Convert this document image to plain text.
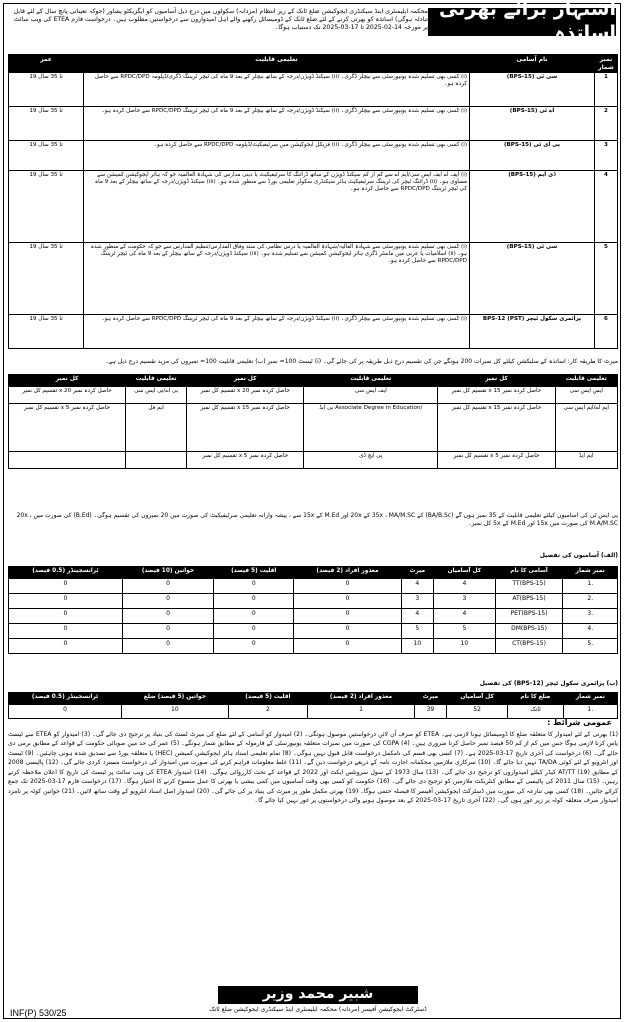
اشتہار برائے بھرتی اساتذہ
محکمہ ایلیمنٹری اینڈ سیکنڈری ایجوکیشن ضلع ٹانک کے زیر انتظام (مردانہ) سکولوں میں درج ذیل آسامیوں کو ایگزیکٹو پشاور (جوکہ تعیناتی پانچ سال کے لئے قابل تبادلہ ہوگی) اساتذہ کو بھرتی کرنے کے لئے ضلع ٹانک کے ڈومیسائل رکھنے والے اہل امیدواروں سے درخواستیں مطلوب ہیں۔ درخواست فارم ETEA کی ویب سائٹ پر مورخہ 14-02-2025 تا 17-03-2025 تک دستیاب ہوگا۔
نمبر شمار	نام آسامی	تعلیمی قابلیت	عمر
1	سی ٹی (BPS-15)	(i) کسی بھی تسلیم شدہ یونیورسٹی سے بیچلر ڈگری۔ (ii) سیکنڈ ڈویژن/درجہ کے ساتھ بیچلر کے بعد 9 ماہ کی ٹیچر ٹریننگ ڈگری/ڈپلومہ RPDC/DPD سے حاصل کردہ ہو۔	19 تا 35 سال
2	اے ٹی (BPS-15)	(i) کسی بھی تسلیم شدہ یونیورسٹی سے بیچلر ڈگری۔ (ii) سیکنڈ ڈویژن/درجہ کے ساتھ بیچلر کے بعد 9 ماہ کی ٹیچر ٹریننگ RPDC/DPD سے حاصل کردہ ہو۔	19 تا 35 سال
3	پی ای ٹی (BPS-15)	(i) کسی بھی تسلیم شدہ یونیورسٹی سے بیچلر ڈگری۔ (ii) فزیکل ایجوکیشن میں سرٹیفیکیٹ/ڈپلومہ RPDC/DPD سے حاصل کردہ ہو۔	19 تا 35 سال
4	ڈی ایم (BPS-15)	(i) ایف اے ایف ایس سی/ایم اے سے کم از کم سیکنڈ ڈویژن کے ساتھ ڈرائنگ کا سرٹیفیکیٹ یا دینی مدارس کی شہادۃ العالمیہ جو کہ ہائر ایجوکیشن کمیشن سے مساوی ہو۔ (ii) ڈرائنگ ٹیچر کی ٹریننگ سرٹیفیکیٹ ہائر سیکنڈری سکولز تعلیمی بورڈ سے منظور شدہ ہو۔ (iii) سیکنڈ ڈویژن/درجہ کے ساتھ بیچلر کے بعد 9 ماہ کی ٹیچر ٹریننگ RPDC/DPD سے حاصل کردہ ہو۔	19 تا 35 سال
5	سی ٹی (BPS-15)	(i) کسی بھی تسلیم شدہ یونیورسٹی سے شہادۃ العالیہ/شہادۃ العالمیہ یا درس نظامی کی سند وفاق المدارس/تنظیم المدارس سے جو کہ حکومت کے منظور شدہ ہو۔ (ii) اسلامیات یا عربی میں ماسٹر ڈگری ہائر ایجوکیشن کمیشن سے تسلیم شدہ ہو۔ (iii) سیکنڈ ڈویژن/درجہ کے ساتھ بیچلر کے بعد 9 ماہ کی ٹیچر ٹریننگ RPDC/DPD سے حاصل کردہ ہو۔	19 تا 35 سال
6	پرائمری سکول ٹیچر (PST) BPS-12	(i) کسی بھی تسلیم شدہ یونیورسٹی سے بیچلر ڈگری۔ (ii) سیکنڈ ڈویژن/درجہ کے ساتھ بیچلر کے بعد 9 ماہ کی ٹیچر ٹریننگ RPDC/DPD سے حاصل کردہ ہو۔	19 تا 35 سال
میرٹ کا طریقہ کار: اساتذہ کے سلیکشن کیلئے کل نمبرات 200 ہونگے جن کی تقسیم درج ذیل طریقہ پر کی جائے گی۔ (i) ٹیسٹ 100= نمبر (ب) تعلیمی قابلیت 100= نمبروں کی مزید تقسیم درج ذیل ہے۔
تعلیمی قابلیت	کل نمبر	تعلیمی قابلیت	کل نمبر	تعلیمی قابلیت	کل نمبر
ایس ایس سی	حاصل کردہ نمبر x 15 تقسیم کل نمبر	ایف ایس سی	حاصل کردہ نمبر x 20 تقسیم کل نمبر	بی اے/بی ایس سی	حاصل کردہ نمبر x 20 تقسیم کل نمبر
ایم اے/ایم ایس سی	حاصل کردہ نمبر x 15 تقسیم کل نمبر	/Associate Degree in Education بی ایڈ	حاصل کردہ نمبر x 15 تقسیم کل نمبر	ایم فل	حاصل کردہ نمبر x 5 تقسیم کل نمبر
ایم ایڈ	حاصل کردہ نمبر x 5 تقسیم کل نمبر	پی ایچ ڈی	حاصل کردہ نمبر x 5 تقسیم کل نمبر		
پی ایس ٹی کی آسامیوں کیلئے تعلیمی قابلیت کے 35 نمبر ہوں گے (BA/B.Sc) کے 35x ، MA/M.SC کے 20x اور M.Ed کے 15x سے ، پیشہ وارانہ تعلیمی سرٹیفیکیٹ کی صورت میں 20 نمبروں کی تقسیم ہوگی۔ (B.Ed) کی صورت میں 20x ، M.A/M.SC کی صورت میں 15x اور M.Ed کے 5x کل نمبر۔
(الف) آسامیوں کی تفصیل
نمبر شمار	آسامی کا نام	کل آسامیاں	میرٹ	معذور افراد (2 فیصد)	اقلیت (5 فیصد)	خواتین (10 فیصد)	ٹرانسجینڈر (0.5 فیصد)
.1	TT(BPS-15)	4	4	0	0	0	0
.2	AT(BPS-15)	3	3	0	0	0	0
.3	PET(BPS-15)	4	4	0	0	0	0
.4	DM(BPS-15)	5	5	0	0	0	0
.5	CT(BPS-15)	10	10	0	0	0	0
(ب) پرائمری سکول ٹیچر (BPS-12) کی تفصیل
نمبر شمار	ضلع کا نام	کل آسامیاں	میرٹ	معذور افراد (2 فیصد)	اقلیت (5 فیصد)	خواتین (5 فیصد) ضلع	ٹرانسجینڈر (0.5 فیصد)
.1	ٹانک	52	39	1	2	10	0
عمومی شرائط :
(1) بھرتی کے لئے امیدوار کا متعلقہ ضلع کا ڈومیسائل ہونا لازمی ہے۔ ETEA کو صرف آن لائن درخواستیں موصول ہونگی۔ (2) امیدوار کو آسامی کے لئے ضلع کی میرٹ لسٹ کی بنیاد پر ترجیح دی جائے گی۔ (3) امیدوار کو ETEA سے ٹیسٹ پاس کرنا لازمی ہوگا جس میں کم از کم 50 فیصد نمبر حاصل کرنا ضروری ہیں۔ (4) CGPA کی صورت میں نمبرات متعلقہ یونیورسٹی کے فارمولہ کے مطابق شمار ہونگے۔ (5) عمر کی حد میں صوبائی حکومت کے قواعد کے مطابق نرمی دی جائے گی۔ (6) درخواست کی آخری تاریخ 17-03-2025 ہے۔ (7) کسی بھی قسم کی نامکمل درخواست قابل قبول نہیں ہوگی۔ (8) تمام تعلیمی اسناد ہائر ایجوکیشن کمیشن (HEC) یا متعلقہ بورڈ سے تصدیق شدہ ہونی چاہئیں۔ (9) ٹیسٹ اور انٹرویو کے لئے کوئی TA/DA نہیں دیا جائے گا۔ (10) سرکاری ملازمین محکمانہ اجازت نامہ کے ذریعے درخواست دیں گے۔ (11) غلط معلومات فراہم کرنے کی صورت میں امیدوار کی درخواست مسترد کردی جائے گی۔ (12) پالیسی 2008 کے مطابق AT/TT (19) کیڈر کیلئے امیدواروں کو ترجیح دی جائے گی۔ (13) سال 1973 کے سول سرونٹس ایکٹ اور 2022 کے قواعد کے تحت کارروائی ہوگی۔ (14) امیدوار ETEA کی ویب سائٹ پر ٹیسٹ کی تاریخ کا اعلان ملاحظہ کرتے رہیں۔ (15) سال 2011 کی پالیسی کے مطابق کنٹریکٹ ملازمین کو ترجیح دی جائے گی۔ (16) حکومت کو کسی بھی وقت آسامیوں میں کمی بیشی یا بھرتی کا عمل منسوخ کرنے کا اختیار ہوگا۔ (17) درخواست فارم 17-03-2025 تک جمع کرائے جائیں۔ (18) کسی بھی تنازعہ کی صورت میں ڈسٹرکٹ ایجوکیشن آفیسر کا فیصلہ حتمی ہوگا۔ (19) بھرتی مکمل طور پر میرٹ کی بنیاد پر کی جائے گی۔ (20) امیدوار اصل اسناد انٹرویو کے وقت ساتھ لائیں۔ (21) خواتین کوٹہ پر نامزد امیدوار صرف متعلقہ کوٹہ پر زیر غور ہوں گی۔ (22) آخری تاریخ 17-03-2025 کے بعد موصول ہونے والی درخواستوں پر غور نہیں کیا جائے گا۔
شبیر محمد وزیر
ڈسٹرکٹ ایجوکیشن آفیسر (مردانہ) محکمہ ایلیمنٹری اینڈ سیکنڈری ایجوکیشن ضلع ٹانک
INF(P) 530/25
